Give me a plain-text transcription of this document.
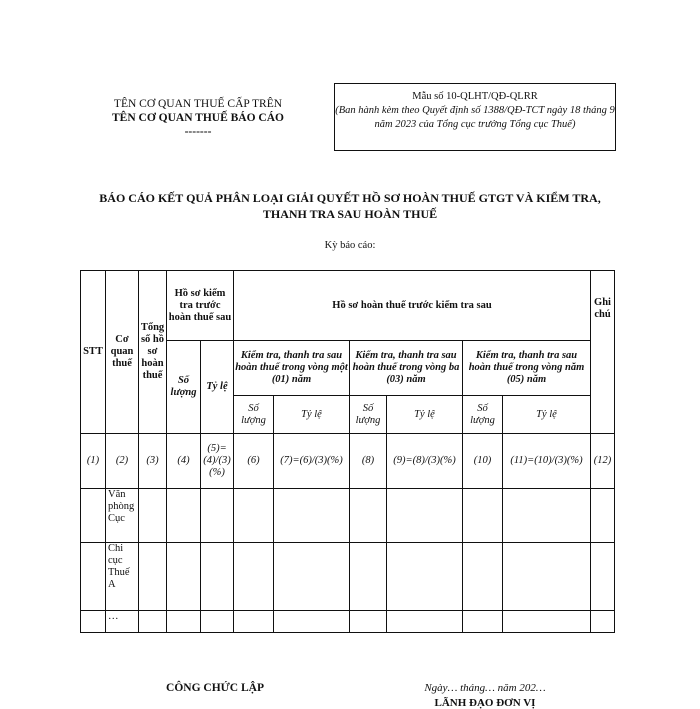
TÊN CƠ QUAN THUẾ CẤP TRÊN
TÊN CƠ QUAN THUẾ BÁO CÁO
-------
Mẫu số 10-QLHT/QĐ-QLRR
(Ban hành kèm theo Quyết định số 1388/QĐ-TCT ngày 18 tháng 9 năm 2023 của Tổng cục trưởng Tổng cục Thuế)
BÁO CÁO KẾT QUẢ PHÂN LOẠI GIẢI QUYẾT HỒ SƠ HOÀN THUẾ GTGT VÀ KIỂM TRA,
THANH TRA SAU HOÀN THUẾ
Kỳ báo cáo:
STT	Cơ quan thuế	Tổng số hồ sơ hoàn thuế	Hồ sơ kiểm tra trước hoàn thuế sau		Hồ sơ hoàn thuế trước kiểm tra sau						Ghi chú
			Số lượng	Tỷ lệ	Kiểm tra, thanh tra sau hoàn thuế trong vòng một (01) năm		Kiểm tra, thanh tra sau hoàn thuế trong vòng ba (03) năm		Kiểm tra, thanh tra sau hoàn thuế trong vòng năm (05) năm		
					Số lượng	Tỷ lệ	Số lượng	Tỷ lệ	Số lượng	Tỷ lệ	
(1)	(2)	(3)	(4)	(5)=(4)/(3)(%)	(6)	(7)=(6)/(3)(%)	(8)	(9)=(8)/(3)(%)	(10)	(11)=(10)/(3)(%)	(12)
	Văn phòng Cục										
	Chi cục Thuế A										
	…										
CÔNG CHỨC LẬP	Ngày… tháng… năm 202…
LÃNH ĐẠO ĐƠN VỊ
